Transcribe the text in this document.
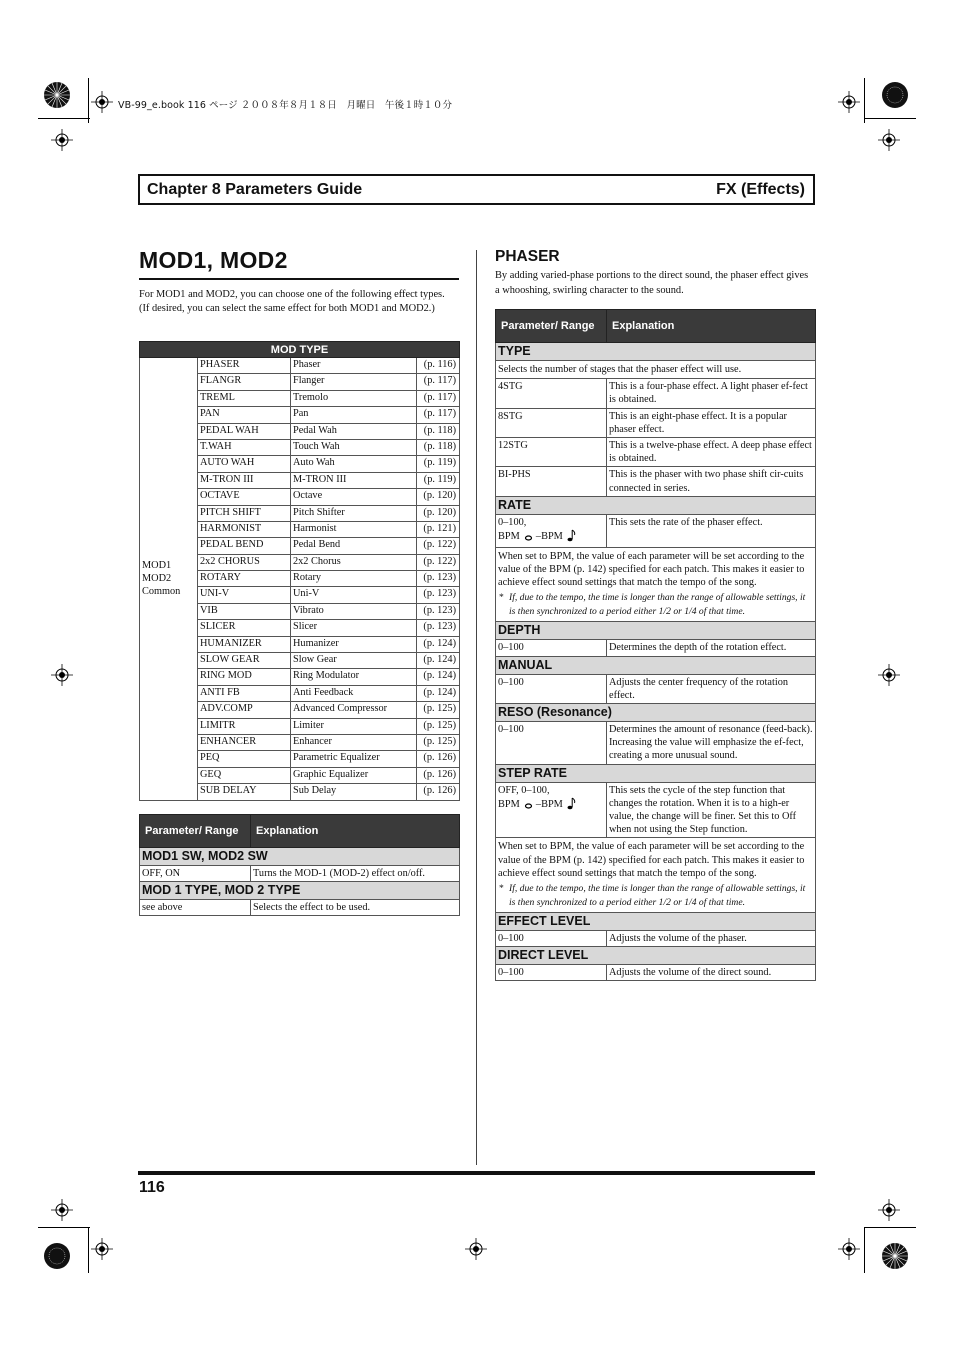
VB-99_e.book 116 ページ ２００８年８月１８日　月曜日　午後１時１０分
Chapter 8 Parameters Guide	FX (Effects)
MOD1, MOD2

For MOD1 and MOD2, you can choose one of the following effect types. (If desired, you can select the same effect for both MOD1 and MOD2.)

MOD TYPE			
MOD1
MOD2
Common	PHASER	Phaser	(p. 116)
	FLANGR	Flanger	(p. 117)
	TREML	Tremolo	(p. 117)
	PAN	Pan	(p. 117)
	PEDAL WAH	Pedal Wah	(p. 118)
	T.WAH	Touch Wah	(p. 118)
	AUTO WAH	Auto Wah	(p. 119)
	M-TRON III	M-TRON III	(p. 119)
	OCTAVE	Octave	(p. 120)
	PITCH SHIFT	Pitch Shifter	(p. 120)
	HARMONIST	Harmonist	(p. 121)
	PEDAL BEND	Pedal Bend	(p. 122)
	2x2 CHORUS	2x2 Chorus	(p. 122)
	ROTARY	Rotary	(p. 123)
	UNI-V	Uni-V	(p. 123)
	VIB	Vibrato	(p. 123)
	SLICER	Slicer	(p. 123)
	HUMANIZER	Humanizer	(p. 124)
	SLOW GEAR	Slow Gear	(p. 124)
	RING MOD	Ring Modulator	(p. 124)
	ANTI FB	Anti Feedback	(p. 124)
	ADV.COMP	Advanced Compressor	(p. 125)
	LIMITR	Limiter	(p. 125)
	ENHANCER	Enhancer	(p. 125)
	PEQ	Parametric Equalizer	(p. 126)
	GEQ	Graphic Equalizer	(p. 126)
	SUB DELAY	Sub Delay	(p. 126)
Parameter/ Range	Explanation
MOD1 SW, MOD2 SW	
OFF, ON	Turns the MOD-1 (MOD-2) effect on/off.
MOD 1 TYPE, MOD 2 TYPE	
see above	Selects the effect to be used.
PHASER

By adding varied-phase portions to the direct sound, the phaser effect gives a whooshing, swirling character to the sound.

Parameter/ Range	Explanation
TYPE	
Selects the number of stages that the phaser effect will use.	
4STG	This is a four-phase effect. A light phaser ef-fect is obtained.
8STG	This is an eight-phase effect. It is a popular phaser effect.
12STG	This is a twelve-phase effect. A deep phase effect is obtained.
BI-PHS	This is the phaser with two phase shift cir-cuits connected in series.
RATE	
0–100,
BPM –BPM	This sets the rate of the phaser effect.

When set to BPM, the value of each parameter will be set according to the value of the BPM (p. 142) specified for each patch. This makes it easier to achieve effect sound settings that match the tempo of the song.
* If, due to the tempo, the time is longer than the range of allowable settings, it is then synchronized to a period either 1/2 or 1/4 of that time.	

DEPTH	
0–100	Determines the depth of the rotation effect.
MANUAL	
0–100	Adjusts the center frequency of the rotation effect.
RESO (Resonance)	
0–100	Determines the amount of resonance (feed-back).
Increasing the value will emphasize the ef-fect, creating a more unusual sound.

STEP RATE	
OFF, 0–100,
BPM –BPM	This sets the cycle of the step function that changes the rotation. When it is to a high-er value, the change will be finer. Set this to Off when not using the Step function.

When set to BPM, the value of each parameter will be set according to the value of the BPM (p. 142) specified for each patch. This makes it easier to achieve effect sound settings that match the tempo of the song.
* If, due to the tempo, the time is longer than the range of allowable settings, it is then synchronized to a period either 1/2 or 1/4 of that time.	

EFFECT LEVEL	
0–100	Adjusts the volume of the phaser.
DIRECT LEVEL	
0–100	Adjusts the volume of the direct sound.
116
